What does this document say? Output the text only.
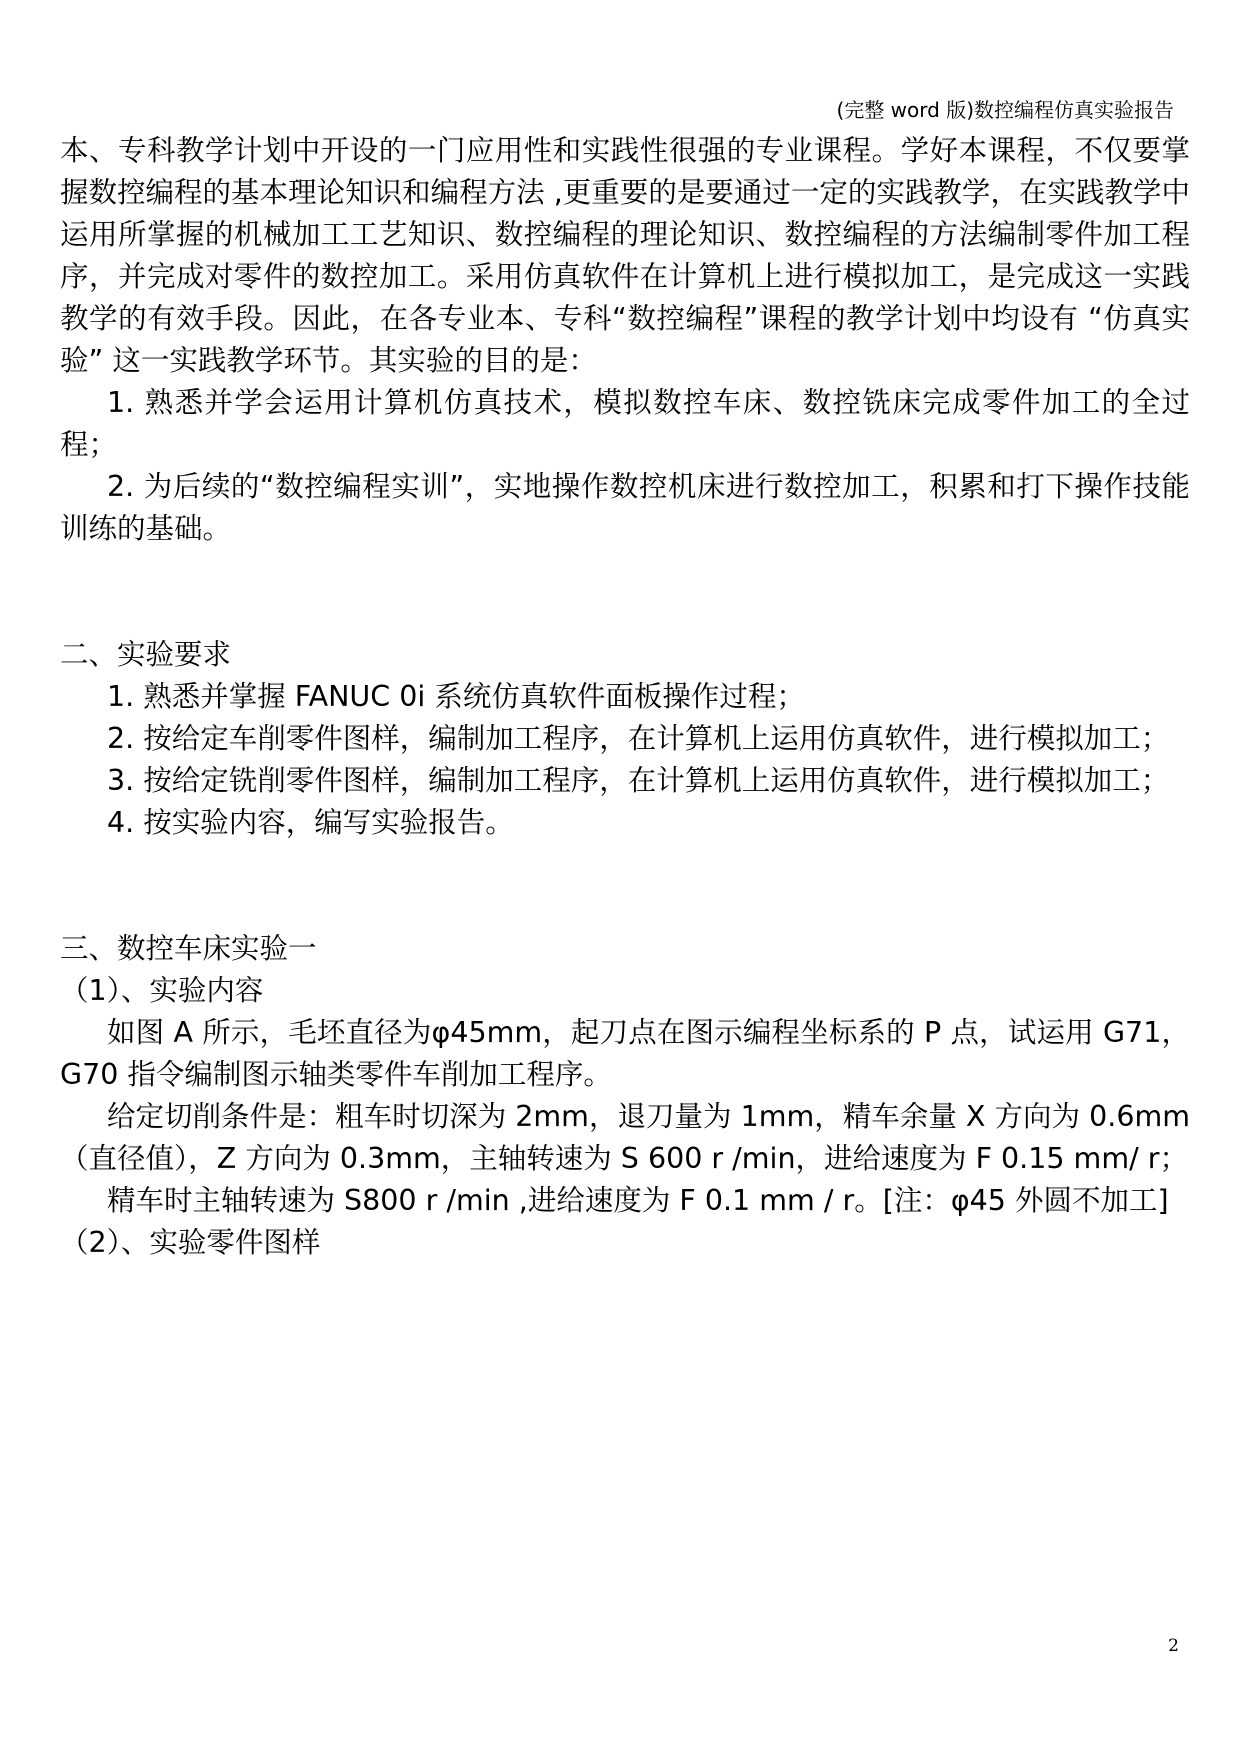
(完整 word 版)数控编程仿真实验报告

本、专科教学计划中开设的一门应用性和实践性很强的专业课程。学好本课程，不仅要掌握数控编程的基本理论知识和编程方法 ,更重要的是要通过一定的实践教学，在实践教学中运用所掌握的机械加工工艺知识、数控编程的理论知识、数控编程的方法编制零件加工程序，并完成对零件的数控加工。采用仿真软件在计算机上进行模拟加工，是完成这一实践教学的有效手段。因此，在各专业本、专科“数控编程”课程的教学计划中均设有 “仿真实验” 这一实践教学环节。其实验的目的是：

1. 熟悉并学会运用计算机仿真技术，模拟数控车床、数控铣床完成零件加工的全过程；

2. 为后续的“数控编程实训”，实地操作数控机床进行数控加工，积累和打下操作技能训练的基础。

二、实验要求

1. 熟悉并掌握 FANUC 0i 系统仿真软件面板操作过程；

2. 按给定车削零件图样，编制加工程序，在计算机上运用仿真软件，进行模拟加工；

3. 按给定铣削零件图样，编制加工程序，在计算机上运用仿真软件，进行模拟加工；

4. 按实验内容，编写实验报告。

三、数控车床实验一

（1）、实验内容

如图 A 所示，毛坯直径为φ45mm，起刀点在图示编程坐标系的 P 点，试运用 G71，G70 指令编制图示轴类零件车削加工程序。

给定切削条件是：粗车时切深为 2mm，退刀量为 1mm，精车余量 X 方向为 0.6mm（直径值），Z 方向为 0.3mm，主轴转速为 S 600 r /min，进给速度为 F 0.15 mm/ r；

精车时主轴转速为 S800 r /min ,进给速度为 F 0.1 mm / r。[注：φ45 外圆不加工]

（2）、实验零件图样

2
